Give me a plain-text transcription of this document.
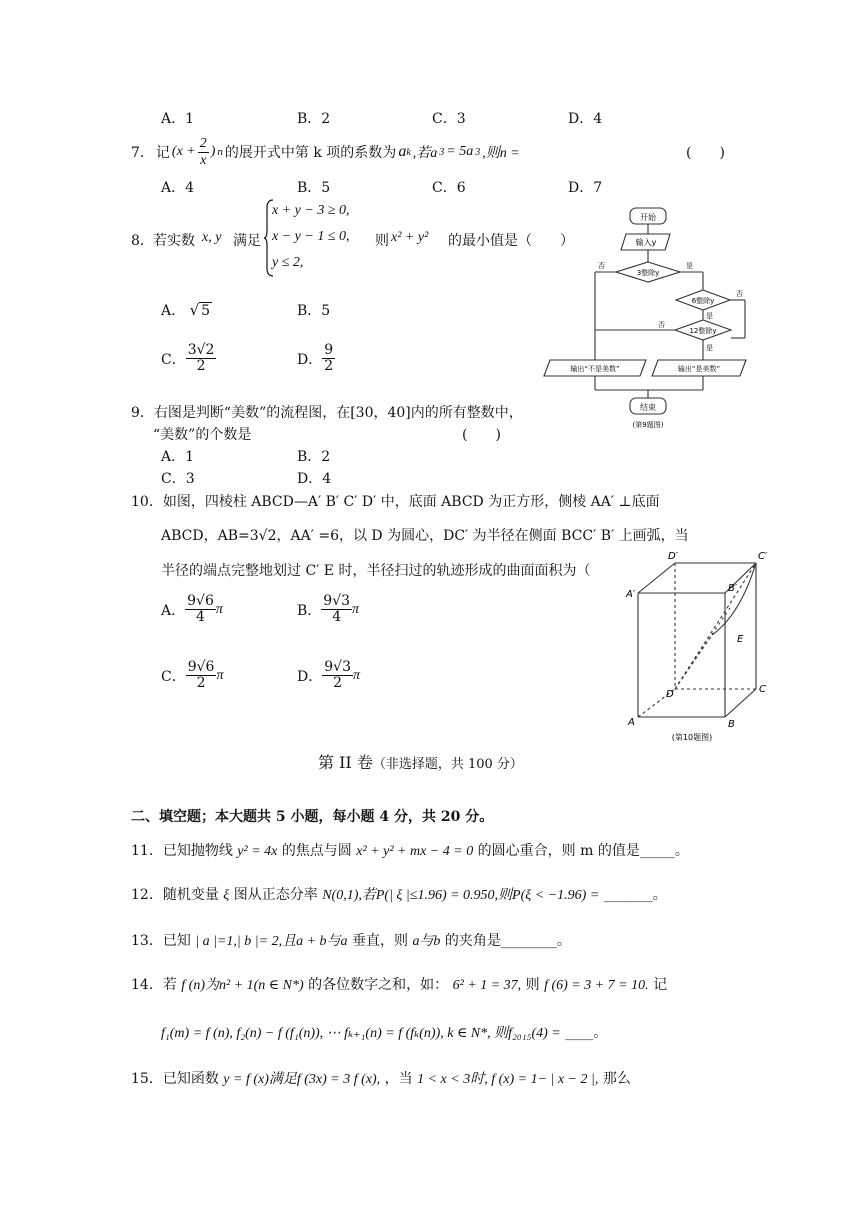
A．1	B．2	C．3	D．4
7． 记 ($x + \frac{2}{x}$ ) n 的展开式中第 k 项的系数为 a k ,若a 3 = 5a 3 ,则n =	(　　)
A．4	B．5	C．6	D．7
8． 若实数 x, y 满足
x + y − 3 ≥ 0,
x − y − 1 ≤ 0,
y ≤ 2,
则 x² + y² 的最小值是（　　）
A． √ 5	B．5
C． $\frac{3√2}{2}$	D． $\frac{9}{2}$
开始
输入y
3整除y
6整除y
12整除y
否	是
否
是
否
是
输出“不是美数”	输出“是美数”
结束
(第9题图)
9．右图是判断“美数”的流程图，在[30，40]内的所有整数中，
“美数”的个数是	(　　)
A．1	B．2
C．3	D．4
10．如图，四棱柱 ABCD—A′ B′ C′ D′ 中，底面 ABCD 为正方形，侧棱 AA′ ⊥底面
ABCD，AB=3√2，AA′ =6，以 D 为圆心，DC′ 为半径在侧面 BCC′ B′ 上画弧，当
半径的端点完整地划过 C′ E 时，半径扫过的轨迹形成的曲面面积为（
A． $\frac{9√6}{4}$ π	B． $\frac{9√3}{4}$ π
C． $\frac{9√6}{2}$ π	D． $\frac{9√3}{2}$ π
D′	C′
A′
B′
E
D	C
A	B
(第10题图)
第 II 卷（非选择题，共 100 分）
二、填空题；本大题共 5 小题，每小题 4 分，共 20 分。
11．已知抛物线 y² = 4x 的焦点与圆 x² + y² + mx − 4 = 0 的圆心重合，则 m 的值是_____。
12．随机变量 ξ 图从正态分率 N(0,1),若P(| ξ |≤1.96) = 0.950,则P(ξ < −1.96) = _______。
13．已知 | a |=1,| b |= 2,且a + b与a 垂直，则 a与b 的夹角是________。
14．若 f (n)为n² + 1(n ∈ N*) 的各位数字之和，如： 6² + 1 = 37, 则 f (6) = 3 + 7 = 10. 记
f₁(m) = f (n), f₂(n) − f (f₁(n)), ⋯ fₖ₊₁(n) = f (fₖ(n)), k ∈ N*, 则f₂₀₁₅(4) = ____。
15．已知函数 y = f (x)满足f (3x) = 3 f (x), ，当 1 < x < 3时, f (x) = 1− | x − 2 |, 那么
